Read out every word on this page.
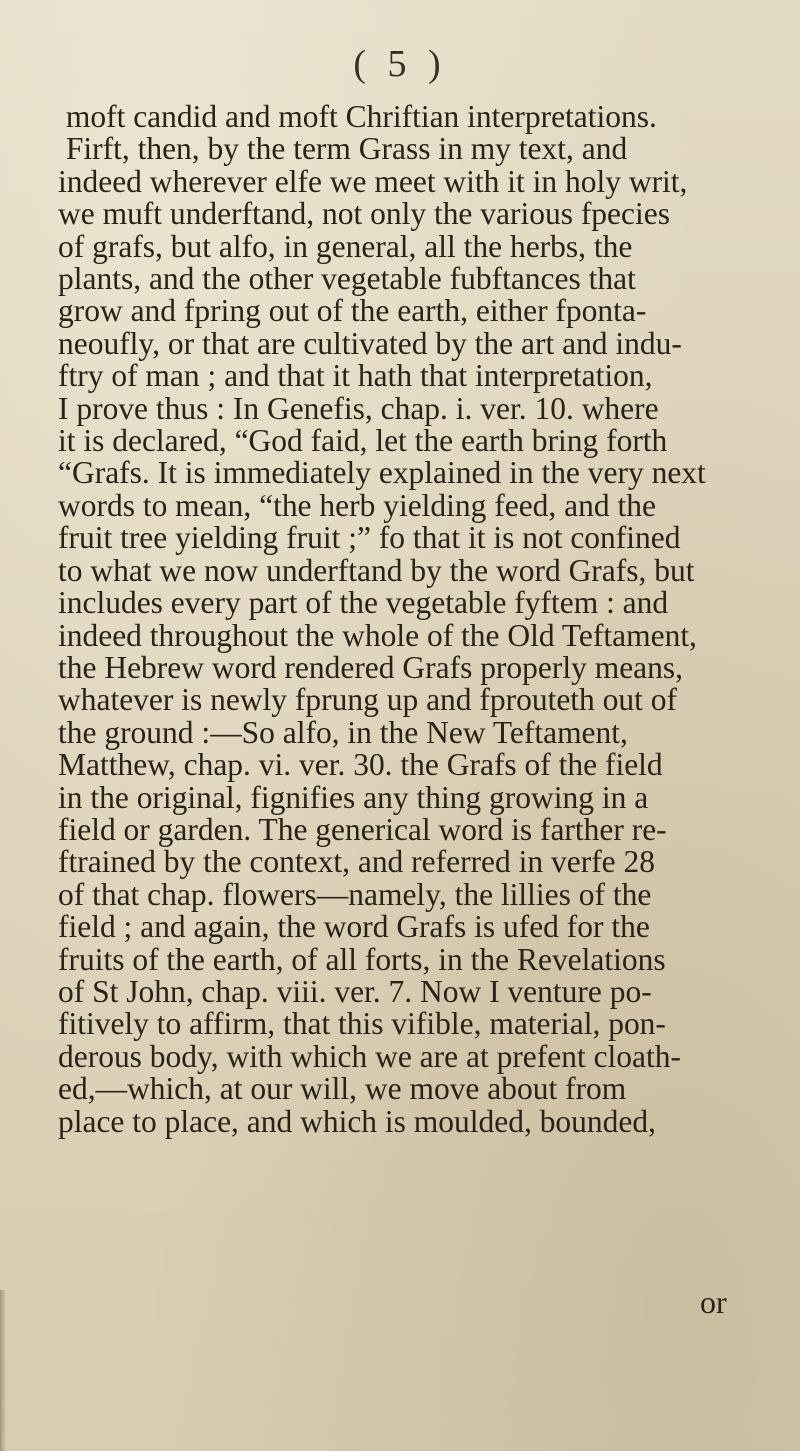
( 5 )
moft candid and moft Chriftian interpretations.
Firft, then, by the term Grass in my text, and
indeed wherever elfe we meet with it in holy writ,
we muft underftand, not only the various fpecies
of grafs, but alfo, in general, all the herbs, the
plants, and the other vegetable fubftances that
grow and fpring out of the earth, either fponta-
neoufly, or that are cultivated by the art and indu-
ftry of man ; and that it hath that interpretation,
I prove thus : In Genefis, chap. i. ver. 10. where
it is declared, “God faid, let the earth bring forth
“Grafs. It is immediately explained in the very next
words to mean, “the herb yielding feed, and the
fruit tree yielding fruit ;” fo that it is not confined
to what we now underftand by the word Grafs, but
includes every part of the vegetable fyftem : and
indeed throughout the whole of the Old Teftament,
the Hebrew word rendered Grafs properly means,
whatever is newly fprung up and fprouteth out of
the ground :—So alfo, in the New Teftament,
Matthew, chap. vi. ver. 30. the Grafs of the field
in the original, fignifies any thing growing in a
field or garden. The generical word is farther re-
ftrained by the context, and referred in verfe 28
of that chap. flowers—namely, the lillies of the
field ; and again, the word Grafs is ufed for the
fruits of the earth, of all forts, in the Revelations
of St John, chap. viii. ver. 7. Now I venture po-
fitively to affirm, that this vifible, material, pon-
derous body, with which we are at prefent cloath-
ed,—which, at our will, we move about from
place to place, and which is moulded, bounded,
or
